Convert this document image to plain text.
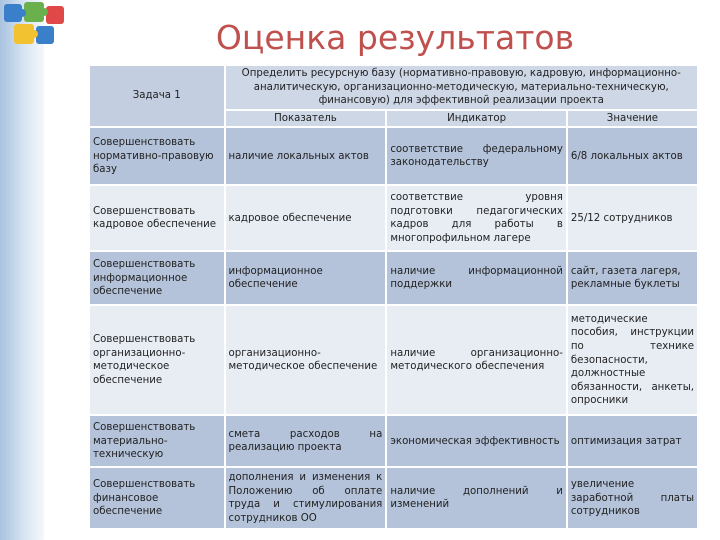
Оценка результатов
Задача 1	Определить ресурсную базу (нормативно-правовую, кадровую, информационно-аналитическую, организационно-методическую, материально-техническую, финансовую) для эффективной реализации проекта		
	Показатель	Индикатор	Значение
Совершенствовать нормативно-правовую базу	наличие локальных актов	соответствие федеральному законодательству	6/8 локальных актов
Совершенствовать кадровое обеспечение	кадровое обеспечение	соответствие уровня подготовки педагогических кадров для работы в многопрофильном лагере	25/12 сотрудников
Совершенствовать информационное обеспечение	информационное обеспечение	наличие информационной поддержки	сайт, газета лагеря, рекламные буклеты
Совершенствовать организационно-методическое обеспечение	организационно-методическое обеспечение	наличие организационно-методического обеспечения	методические пособия, инструкции по технике безопасности, должностные обязанности, анкеты, опросники
Совершенствовать материально-техническую	смета расходов на реализацию проекта	экономическая эффективность	оптимизация затрат
Совершенствовать финансовое обеспечение	дополнения и изменения к Положению об оплате труда и стимулирования сотрудников ОО	наличие дополнений и изменений	увеличение заработной платы сотрудников
